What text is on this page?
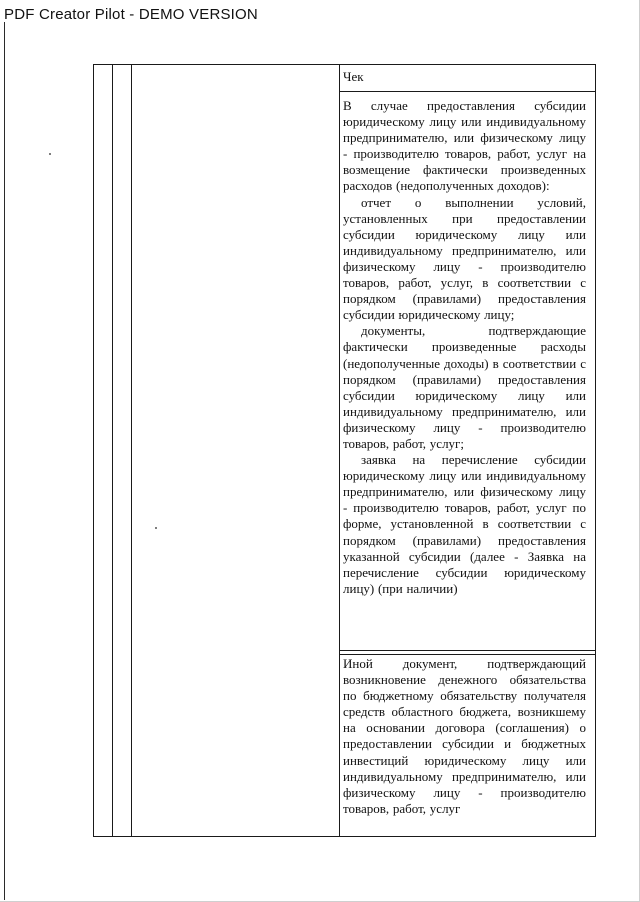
PDF Creator Pilot - DEMO VERSION
Чек
В случае предоставления субсидии юридическому лицу или индивидуальному предпринимателю, или физическому лицу - производителю товаров, работ, услуг на возмещение фактически произведенных расходов (недополученных доходов):
отчет о выполнении условий, установленных при предоставлении субсидии юридическому лицу или индивидуальному предпринимателю, или физическому лицу - производителю товаров, работ, услуг, в соответствии с порядком (правилами) предоставления субсидии юридическому лицу;
документы, подтверждающие фактически произведенные расходы (недополученные доходы) в соответствии с порядком (правилами) предоставления субсидии юридическому лицу или индивидуальному предпринимателю, или физическому лицу - производителю товаров, работ, услуг;
заявка на перечисление субсидии юридическому лицу или индивидуальному предпринимателю, или физическому лицу - производителю товаров, работ, услуг по форме, установленной в соответствии с порядком (правилами) предоставления указанной субсидии (далее - Заявка на перечисление субсидии юридическому лицу) (при наличии)
Иной документ, подтверждающий возникновение денежного обязательства по бюджетному обязательству получателя средств областного бюджета, возникшему на основании договора (соглашения) о предоставлении субсидии и бюджетных инвестиций юридическому лицу или индивидуальному предпринимателю, или физическому лицу - производителю товаров, работ, услуг
